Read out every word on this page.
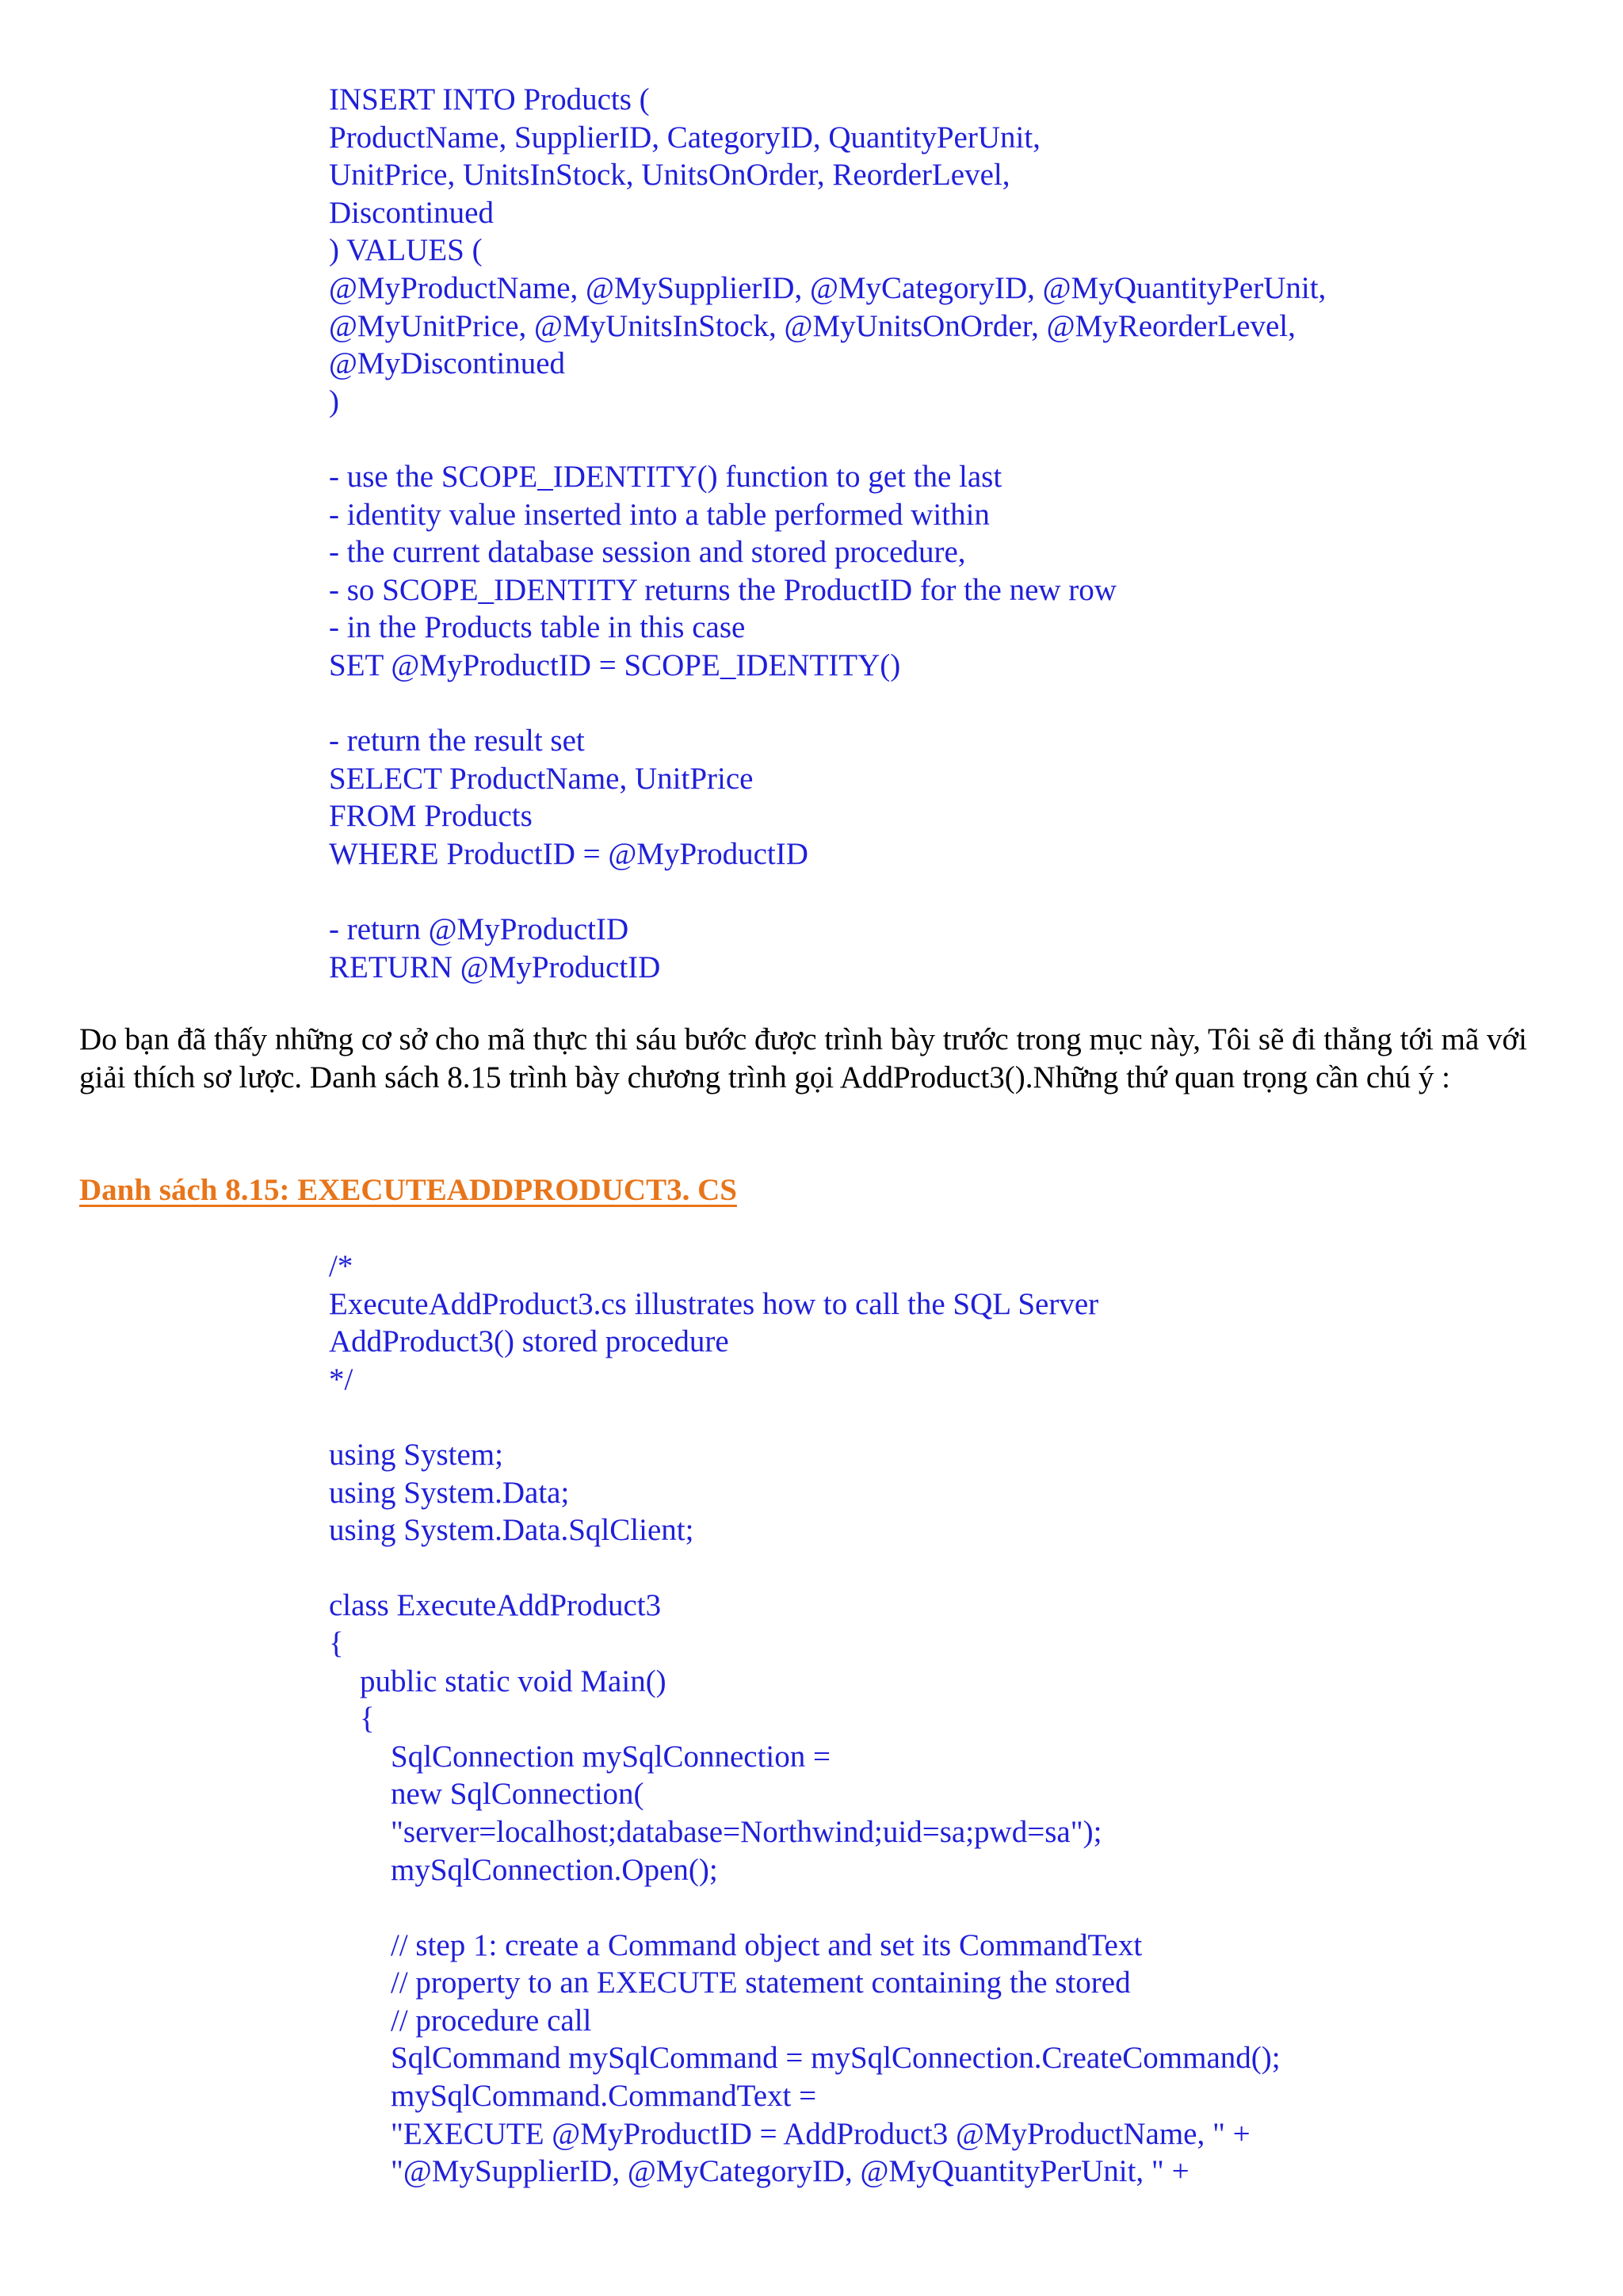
INSERT INTO Products (
ProductName, SupplierID, CategoryID, QuantityPerUnit,
UnitPrice, UnitsInStock, UnitsOnOrder, ReorderLevel,
Discontinued
) VALUES (
@MyProductName, @MySupplierID, @MyCategoryID, @MyQuantityPerUnit,
@MyUnitPrice, @MyUnitsInStock, @MyUnitsOnOrder, @MyReorderLevel,
@MyDiscontinued
)
- use the SCOPE_IDENTITY() function to get the last
- identity value inserted into a table performed within
- the current database session and stored procedure,
- so SCOPE_IDENTITY returns the ProductID for the new row
- in the Products table in this case
SET @MyProductID = SCOPE_IDENTITY()
- return the result set
SELECT ProductName, UnitPrice
FROM Products
WHERE ProductID = @MyProductID
- return @MyProductID
RETURN @MyProductID

Do bạn đã thấy những cơ sở cho mã thực thi sáu bước được trình bày trước trong mục này, Tôi sẽ đi thẳng tới mã với giải thích sơ lược. Danh sách 8.15 trình bày chương trình gọi AddProduct3().Những thứ quan trọng cần chú ý :

Danh sách 8.15: EXECUTEADDPRODUCT3. CS
/*
ExecuteAddProduct3.cs illustrates how to call the SQL Server
AddProduct3() stored procedure
*/
using System;
using System.Data;
using System.Data.SqlClient;
class ExecuteAddProduct3
{
public static void Main()
{
SqlConnection mySqlConnection =
new SqlConnection(
"server=localhost;database=Northwind;uid=sa;pwd=sa");
mySqlConnection.Open();
// step 1: create a Command object and set its CommandText
// property to an EXECUTE statement containing the stored
// procedure call
SqlCommand mySqlCommand = mySqlConnection.CreateCommand();
mySqlCommand.CommandText =
"EXECUTE @MyProductID = AddProduct3 @MyProductName, " +
"@MySupplierID, @MyCategoryID, @MyQuantityPerUnit, " +
